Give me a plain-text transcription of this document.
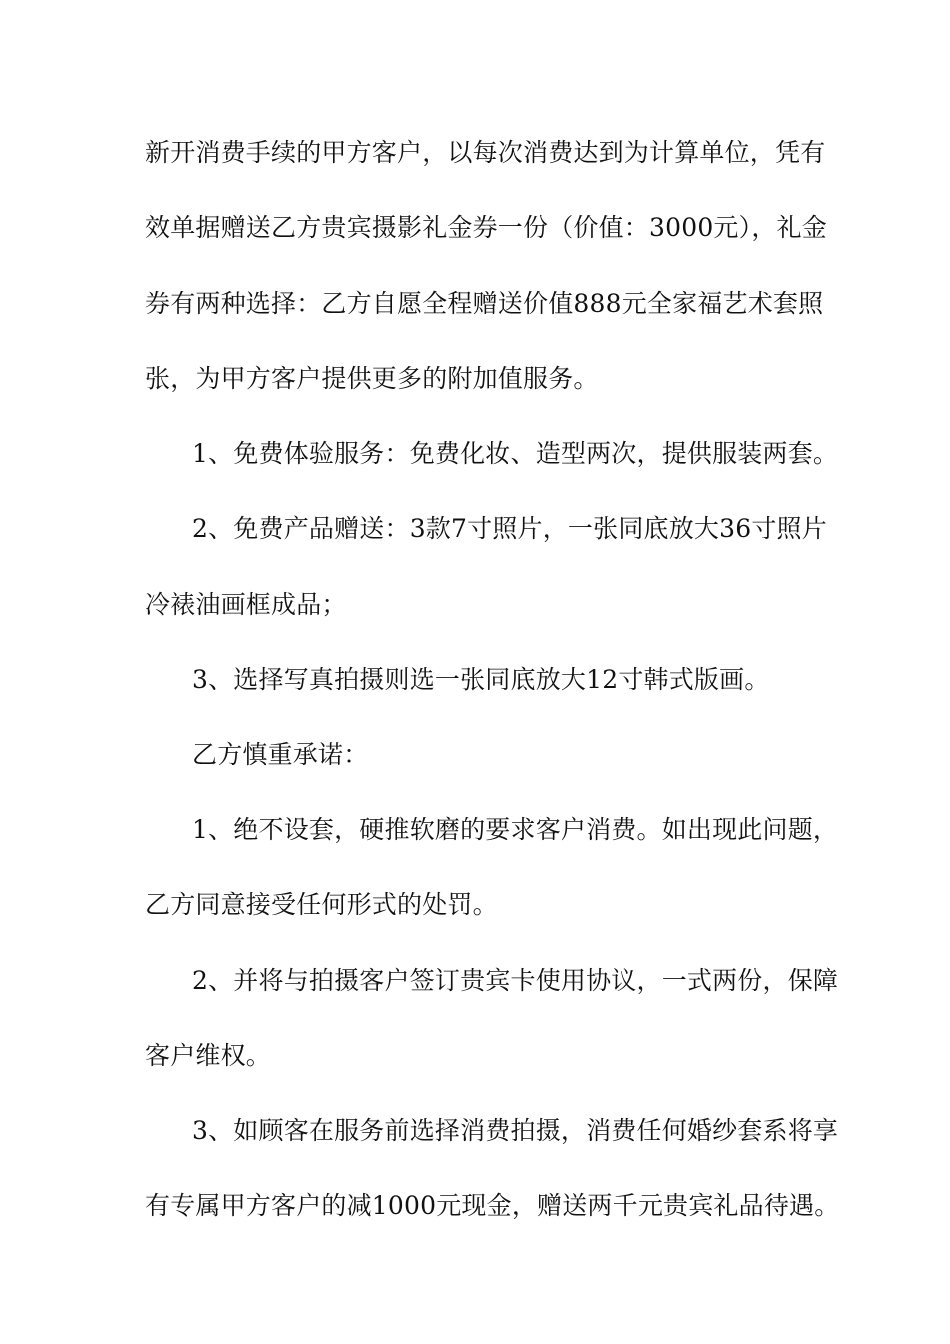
新开消费手续的甲方客户，以每次消费达到为计算单位，凭有
效单据赠送乙方贵宾摄影礼金券一份（价值：3000元），礼金
券有两种选择：乙方自愿全程赠送价值888元全家福艺术套照
张，为甲方客户提供更多的附加值服务。
1、免费体验服务：免费化妆、造型两次，提供服装两套。
2、免费产品赠送：3款7寸照片，一张同底放大36寸照片
冷裱油画框成品；
3、选择写真拍摄则选一张同底放大12寸韩式版画。
乙方慎重承诺：
1、绝不设套，硬推软磨的要求客户消费。如出现此问题，
乙方同意接受任何形式的处罚。
2、并将与拍摄客户签订贵宾卡使用协议，一式两份，保障
客户维权。
3、如顾客在服务前选择消费拍摄，消费任何婚纱套系将享
有专属甲方客户的减1000元现金，赠送两千元贵宾礼品待遇。
